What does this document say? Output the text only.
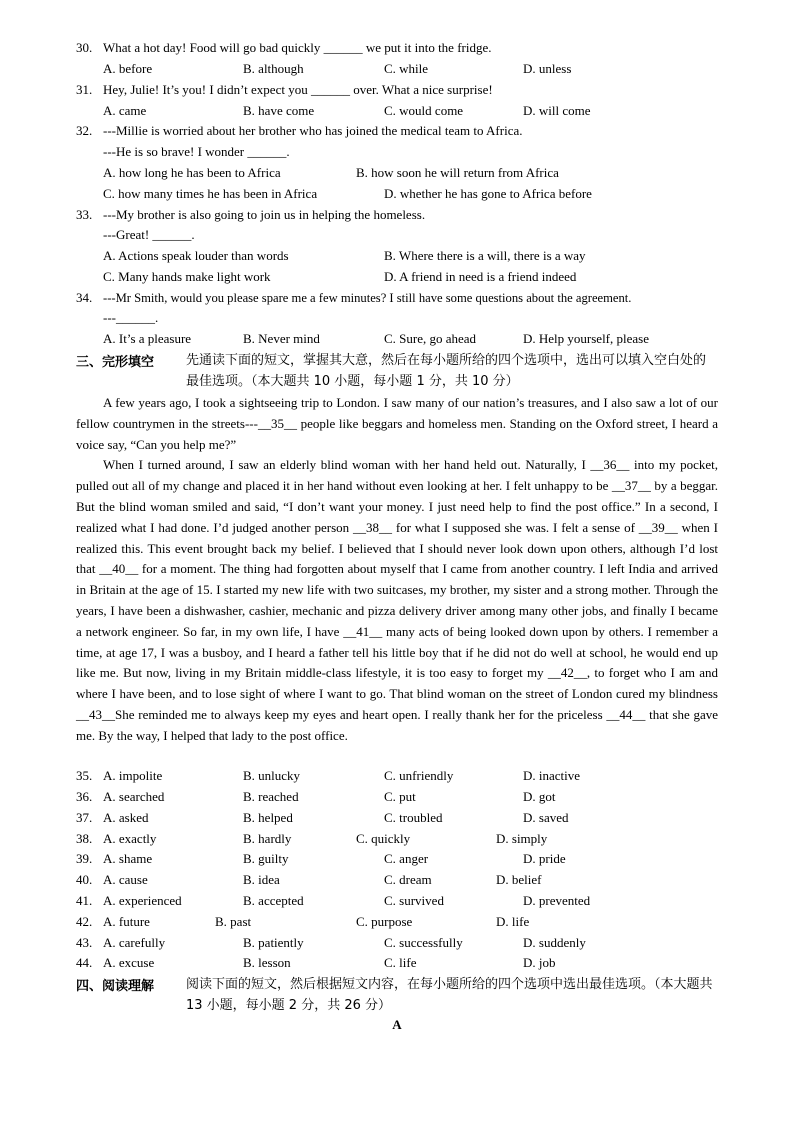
30. What a hot day! Food will go bad quickly ______ we put it into the fridge.
A. before	B. although	C. while	D. unless
31. Hey, Julie! It’s you! I didn’t expect you ______ over. What a nice surprise!
A. came	B. have come	C. would come	D. will come
32. ---Millie is worried about her brother who has joined the medical team to Africa.
---He is so brave! I wonder ______.
A. how long he has been to Africa	B. how soon he will return from Africa
C. how many times he has been in Africa	D. whether he has gone to Africa before
33. ---My brother is also going to join us in helping the homeless.
---Great! ______.
A. Actions speak louder than words	B. Where there is a will, there is a way
C. Many hands make light work	D. A friend in need is a friend indeed
34. ---Mr Smith, would you please spare me a few minutes? I still have some questions about the agreement.
---______.
A. It’s a pleasure	B. Never mind	C. Sure, go ahead	D. Help yourself, please
三、完形填空 先通读下面的短文，掌握其大意，然后在每小题所给的四个选项中，选出可以填入空白处的最佳选项。（本大题共 10 小题，每小题 1 分，共 10 分）

A few years ago, I took a sightseeing trip to London. I saw many of our nation’s treasures, and I also saw a lot of our fellow countrymen in the streets---__35__ people like beggars and homeless men. Standing on the Oxford street, I heard a voice say, “Can you help me?”

When I turned around, I saw an elderly blind woman with her hand held out. Naturally, I __36__ into my pocket, pulled out all of my change and placed it in her hand without even looking at her. I felt unhappy to be __37__ by a beggar. But the blind woman smiled and said, “I don’t want your money. I just need help to find the post office.” In a second, I realized what I had done. I’d judged another person __38__ for what I supposed she was. I felt a sense of __39__ when I realized this. This event brought back my belief. I believed that I should never look down upon others, although I’d lost that __40__ for a moment. The thing had forgotten about myself that I came from another country. I left India and arrived in Britain at the age of 15. I started my new life with two suitcases, my brother, my sister and a strong mother. Through the years, I have been a dishwasher, cashier, mechanic and pizza delivery driver among many other jobs, and finally I became a network engineer. So far, in my own life, I have __41__ many acts of being looked down upon by others. I remember a time, at age 17, I was a busboy, and I heard a father tell his little boy that if he did not do well at school, he would end up like me. But now, living in my Britain middle-class lifestyle, it is too easy to forget my __42__, to forget who I am and where I have been, and to lose sight of where I want to go. That blind woman on the street of London cured my blindness __43__She reminded me to always keep my eyes and heart open. I really thank her for the priceless __44__ that she gave me. By the way, I helped that lady to the post office.

35. A. impolite	B. unlucky	C. unfriendly	D. inactive
36. A. searched	B. reached	C. put	D. got
37. A. asked	B. helped	C. troubled	D. saved
38. A. exactly	B. hardly	C. quickly	D. simply
39. A. shame	B. guilty	C. anger	D. pride
40. A. cause	B. idea	C. dream	D. belief
41. A. experienced	B. accepted	C. survived	D. prevented
42. A. future	B. past	C. purpose	D. life
43. A. carefully	B. patiently	C. successfully	D. suddenly
44. A. excuse	B. lesson	C. life	D. job
四、阅读理解 阅读下面的短文，然后根据短文内容，在每小题所给的四个选项中选出最佳选项。（本大题共 13 小题，每小题 2 分，共 26 分）
A
